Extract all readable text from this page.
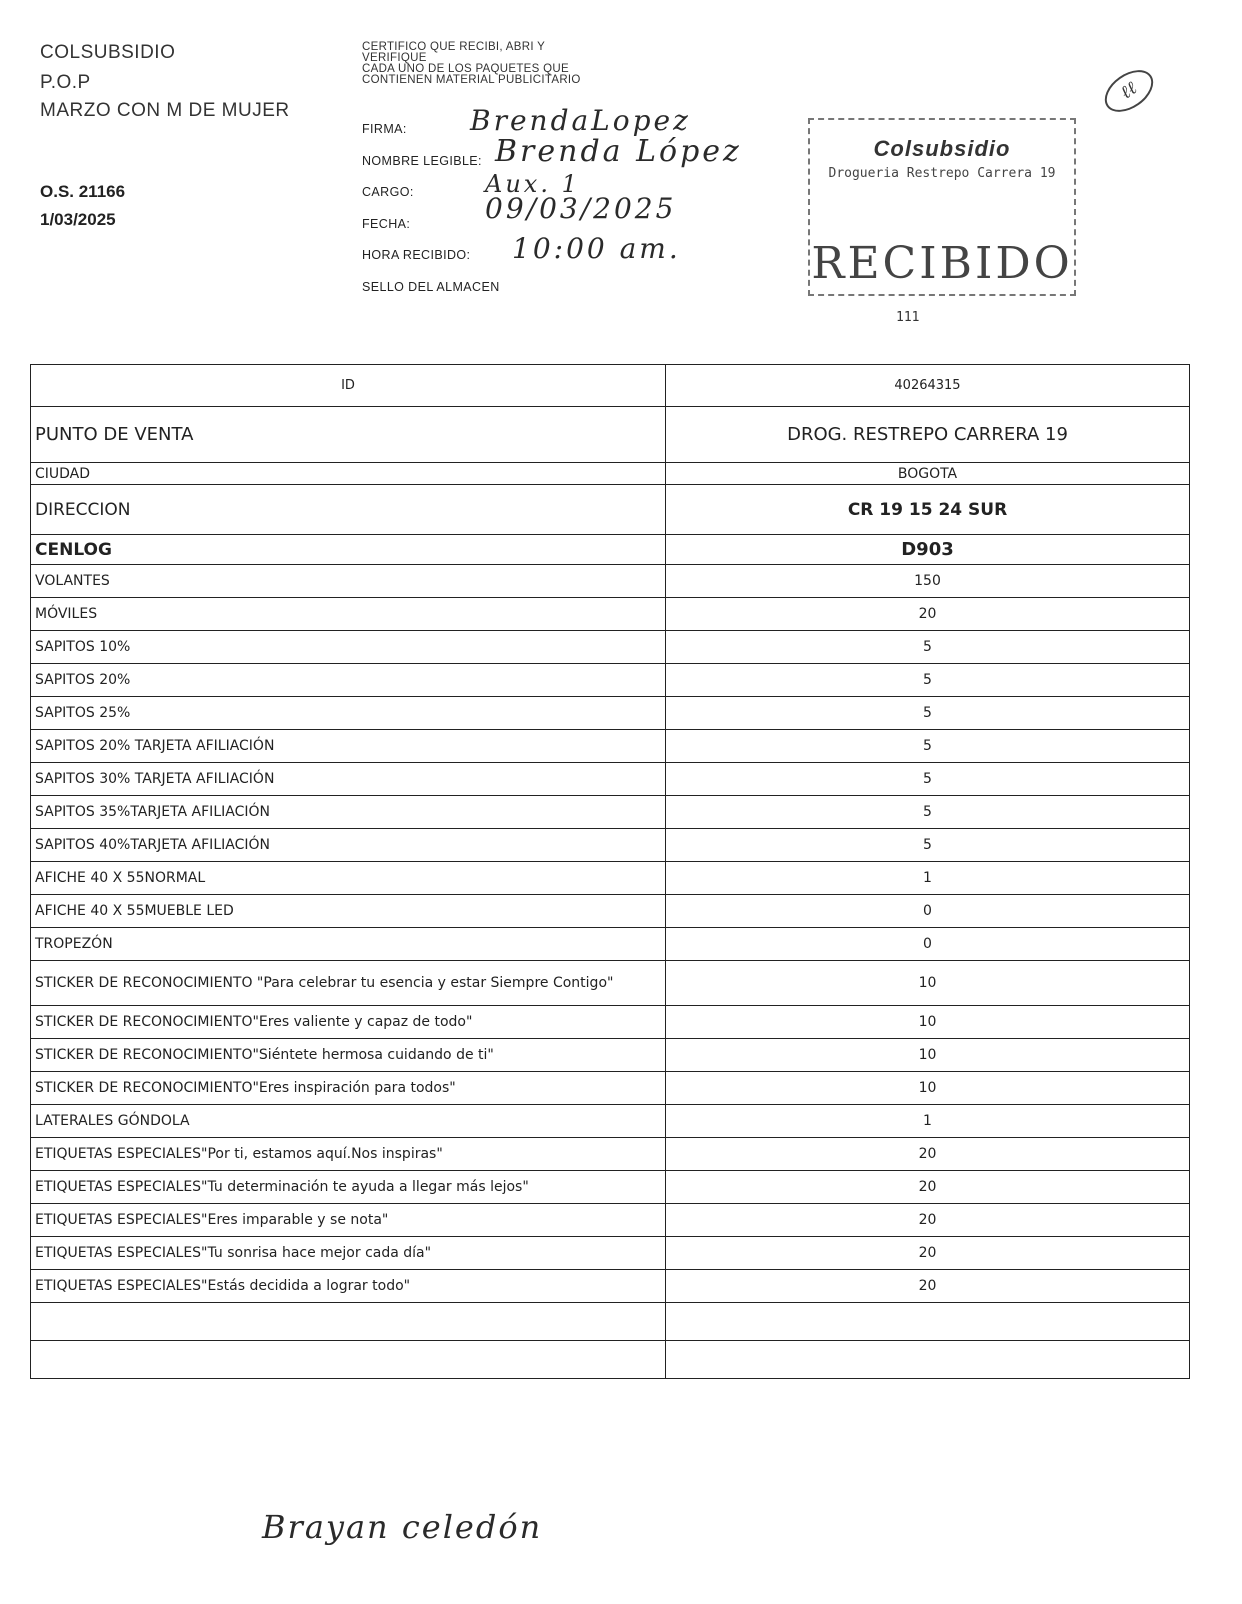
COLSUBSIDIO
P.O.P
MARZO CON M DE MUJER
O.S. 21166
1/03/2025
CERTIFICO QUE RECIBI, ABRI Y
VERIFIQUE
CADA UNO DE LOS PAQUETES QUE
CONTIENEN MATERIAL PUBLICITARIO
FIRMA: BrendaLopez
NOMBRE LEGIBLE: Brenda López
CARGO:	Aux. 1
FECHA:	09/03/2025
HORA RECIBIDO: 10:00 am.
SELLO DEL ALMACEN
Colsubsidio
Drogueria Restrepo Carrera 19
RECIBIDO
ℓℓ
111
ID	40264315
PUNTO DE VENTA	DROG. RESTREPO CARRERA 19
CIUDAD	BOGOTA
DIRECCION	CR 19 15 24 SUR
CENLOG	D903
VOLANTES	150
MÓVILES	20
SAPITOS 10%	5
SAPITOS 20%	5
SAPITOS 25%	5
SAPITOS 20% TARJETA AFILIACIÓN	5
SAPITOS 30% TARJETA AFILIACIÓN	5
SAPITOS 35%TARJETA AFILIACIÓN	5
SAPITOS 40%TARJETA AFILIACIÓN	5
AFICHE 40 X 55NORMAL	1
AFICHE 40 X 55MUEBLE LED	0
TROPEZÓN	0
STICKER DE RECONOCIMIENTO "Para celebrar tu esencia y estar Siempre Contigo"	10
STICKER DE RECONOCIMIENTO"Eres valiente y capaz de todo"	10
STICKER DE RECONOCIMIENTO"Siéntete hermosa cuidando de ti"	10
STICKER DE RECONOCIMIENTO"Eres inspiración para todos"	10
LATERALES GÓNDOLA	1
ETIQUETAS ESPECIALES"Por ti, estamos aquí.Nos inspiras"	20
ETIQUETAS ESPECIALES"Tu determinación te ayuda a llegar más lejos"	20
ETIQUETAS ESPECIALES"Eres imparable y se nota"	20
ETIQUETAS ESPECIALES"Tu sonrisa hace mejor cada día"	20
ETIQUETAS ESPECIALES"Estás decidida a lograr todo"	20

Brayan celedón
